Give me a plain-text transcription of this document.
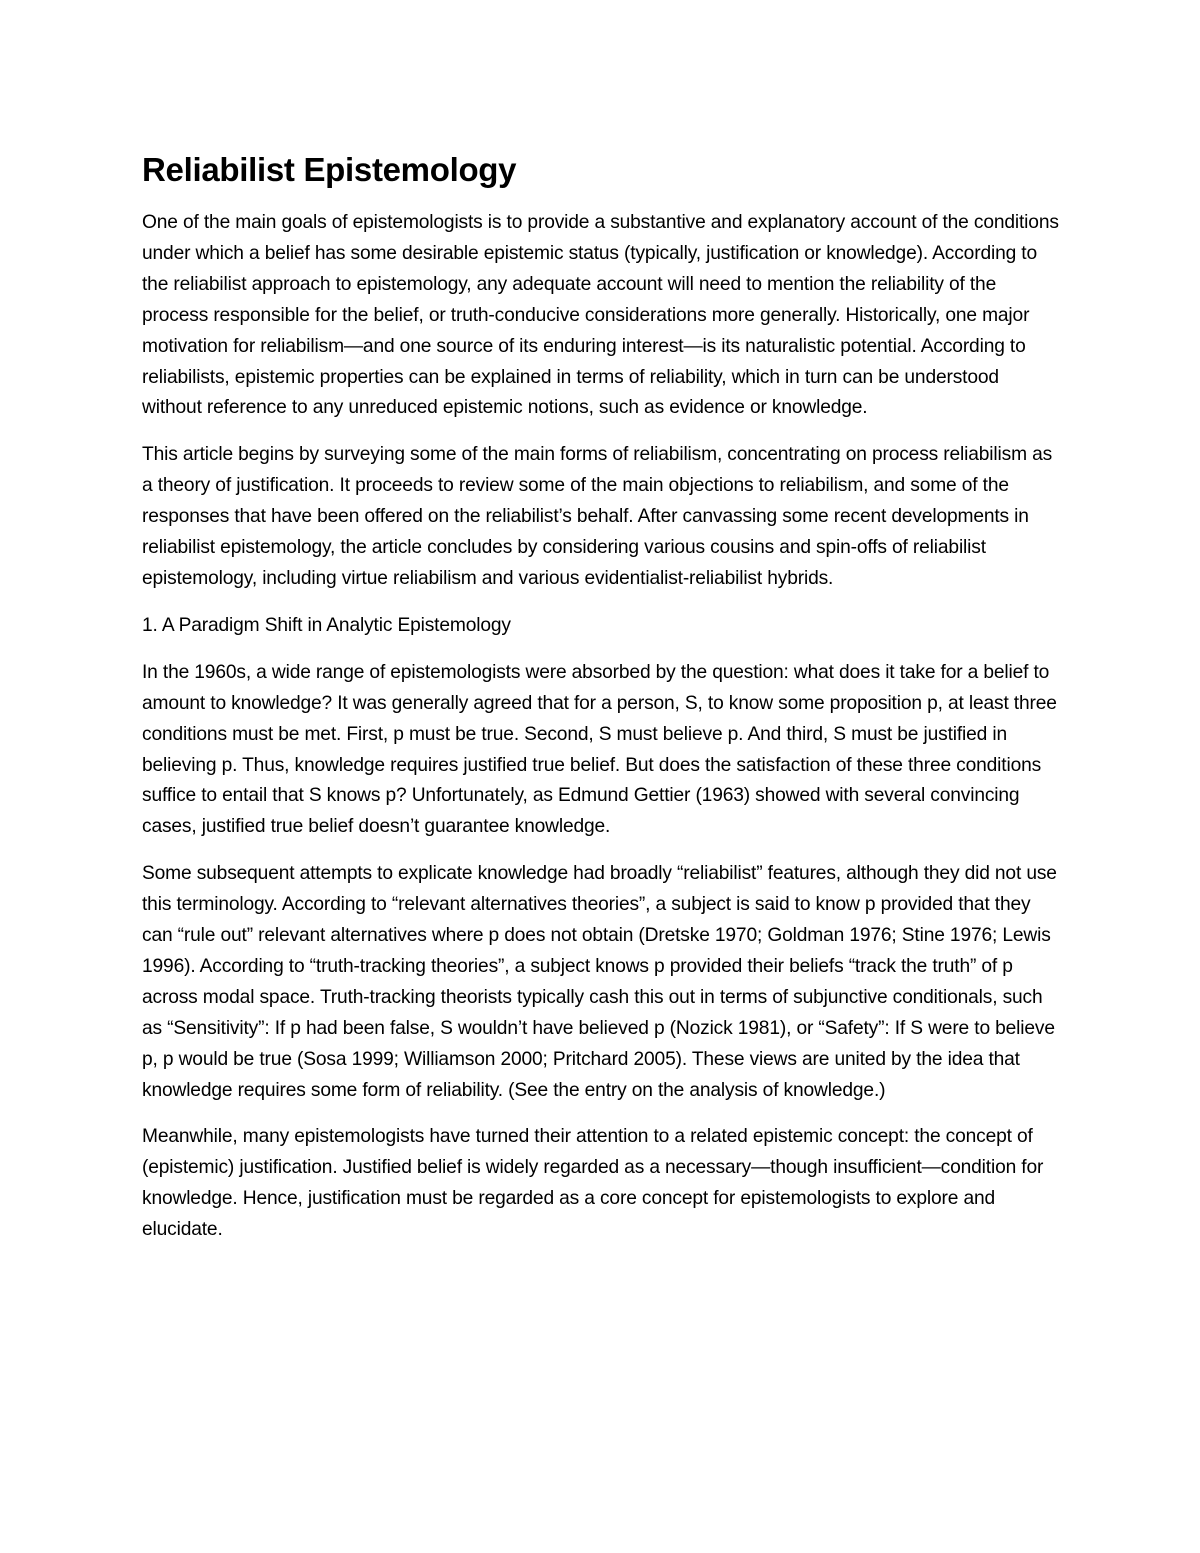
Reliabilist Epistemology

One of the main goals of epistemologists is to provide a substantive and explanatory account of the conditions under which a belief has some desirable epistemic status (typically, justification or knowledge). According to the reliabilist approach to epistemology, any adequate account will need to mention the reliability of the process responsible for the belief, or truth-conducive considerations more generally. Historically, one major motivation for reliabilism—and one source of its enduring interest—is its naturalistic potential. According to reliabilists, epistemic properties can be explained in terms of reliability, which in turn can be understood without reference to any unreduced epistemic notions, such as evidence or knowledge.

This article begins by surveying some of the main forms of reliabilism, concentrating on process reliabilism as a theory of justification. It proceeds to review some of the main objections to reliabilism, and some of the responses that have been offered on the reliabilist’s behalf. After canvassing some recent developments in reliabilist epistemology, the article concludes by considering various cousins and spin-offs of reliabilist epistemology, including virtue reliabilism and various evidentialist-reliabilist hybrids.

1. A Paradigm Shift in Analytic Epistemology

In the 1960s, a wide range of epistemologists were absorbed by the question: what does it take for a belief to amount to knowledge? It was generally agreed that for a person, S, to know some proposition p, at least three conditions must be met. First, p must be true. Second, S must believe p. And third, S must be justified in believing p. Thus, knowledge requires justified true belief. But does the satisfaction of these three conditions suffice to entail that S knows p? Unfortunately, as Edmund Gettier (1963) showed with several convincing cases, justified true belief doesn’t guarantee knowledge.

Some subsequent attempts to explicate knowledge had broadly “reliabilist” features, although they did not use this terminology. According to “relevant alternatives theories”, a subject is said to know p provided that they can “rule out” relevant alternatives where p does not obtain (Dretske 1970; Goldman 1976; Stine 1976; Lewis 1996). According to “truth-tracking theories”, a subject knows p provided their beliefs “track the truth” of p across modal space. Truth-tracking theorists typically cash this out in terms of subjunctive conditionals, such as “Sensitivity”: If p had been false, S wouldn’t have believed p (Nozick 1981), or “Safety”: If S were to believe p, p would be true (Sosa 1999; Williamson 2000; Pritchard 2005). These views are united by the idea that knowledge requires some form of reliability. (See the entry on the analysis of knowledge.)

Meanwhile, many epistemologists have turned their attention to a related epistemic concept: the concept of (epistemic) justification. Justified belief is widely regarded as a necessary—though insufficient—condition for knowledge. Hence, justification must be regarded as a core concept for epistemologists to explore and elucidate.
